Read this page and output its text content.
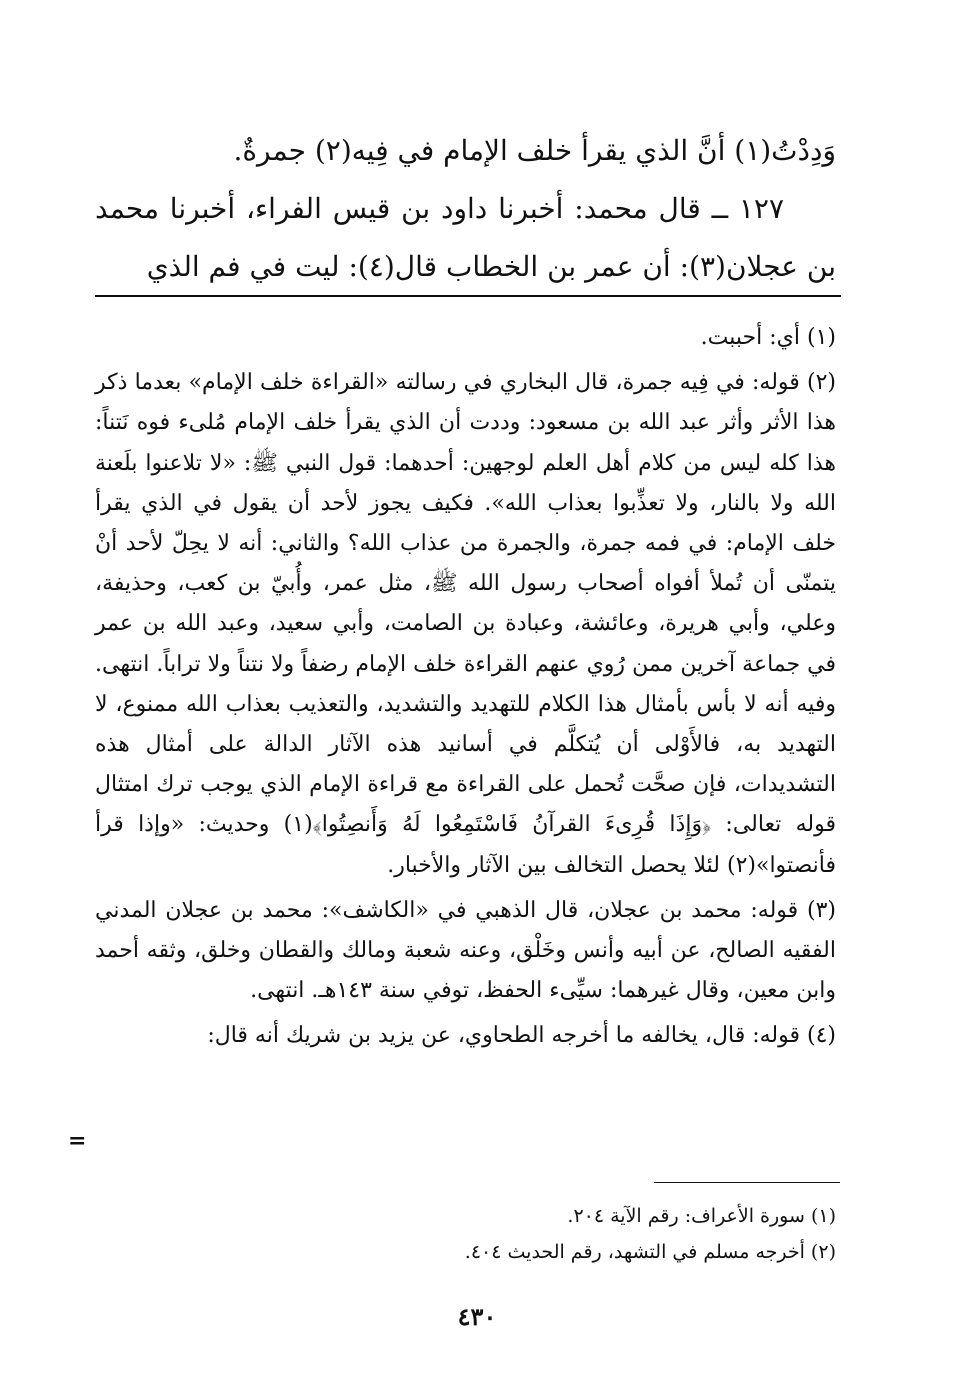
وَدِدْتُ(١) أنَّ الذي يقرأ خلف الإمام في فِيه(٢) جمرةٌ.

١٢٧ ــ قال محمد: أخبرنا داود بن قيس الفراء، أخبرنا محمد بن عجلان(٣): أن عمر بن الخطاب قال(٤): ليت في فم الذي

(١) أي: أحببت.

(٢) قوله: في فِيه جمرة، قال البخاري في رسالته «القراءة خلف الإمام» بعدما ذكر هذا الأثر وأثر عبد الله بن مسعود: وددت أن الذي يقرأ خلف الإمام مُلىء فوه نَتناً: هذا كله ليس من كلام أهل العلم لوجهين: أحدهما: قول النبي ﷺ: «لا تلاعنوا بلَعنة الله ولا بالنار، ولا تعذِّبوا بعذاب الله». فكيف يجوز لأحد أن يقول في الذي يقرأ خلف الإمام: في فمه جمرة، والجمرة من عذاب الله؟ والثاني: أنه لا يحِلّ لأحد أنْ يتمنّى أن تُملأ أفواه أصحاب رسول الله ﷺ، مثل عمر، وأُبيّ بن كعب، وحذيفة، وعلي، وأبي هريرة، وعائشة، وعبادة بن الصامت، وأبي سعيد، وعبد الله بن عمر في جماعة آخرين ممن رُوي عنهم القراءة خلف الإمام رضفاً ولا نتناً ولا تراباً. انتهى. وفيه أنه لا بأس بأمثال هذا الكلام للتهديد والتشديد، والتعذيب بعذاب الله ممنوع، لا التهديد به، فالأَوْلى أن يُتكلَّم في أسانيد هذه الآثار الدالة على أمثال هذه التشديدات، فإن صحَّت تُحمل على القراءة مع قراءة الإمام الذي يوجب ترك امتثال قوله تعالى: ﴿وَإِذَا قُرِىءَ القرآنُ فَاسْتَمِعُوا لَهُ وَأَنصِتُوا﴾(١) وحديث: «وإذا قرأ فأنصتوا»(٢) لئلا يحصل التخالف بين الآثار والأخبار.

(٣) قوله: محمد بن عجلان، قال الذهبي في «الكاشف»: محمد بن عجلان المدني الفقيه الصالح، عن أبيه وأنس وخَلْق، وعنه شعبة ومالك والقطان وخلق، وثقه أحمد وابن معين، وقال غيرهما: سيِّىء الحفظ، توفي سنة ١٤٣هـ. انتهى.

(٤) قوله: قال، يخالفه ما أخرجه الطحاوي، عن يزيد بن شريك أنه قال:

=

(١) سورة الأعراف: رقم الآية ٢٠٤.

(٢) أخرجه مسلم في التشهد، رقم الحديث ٤٠٤.

٤٣٠
